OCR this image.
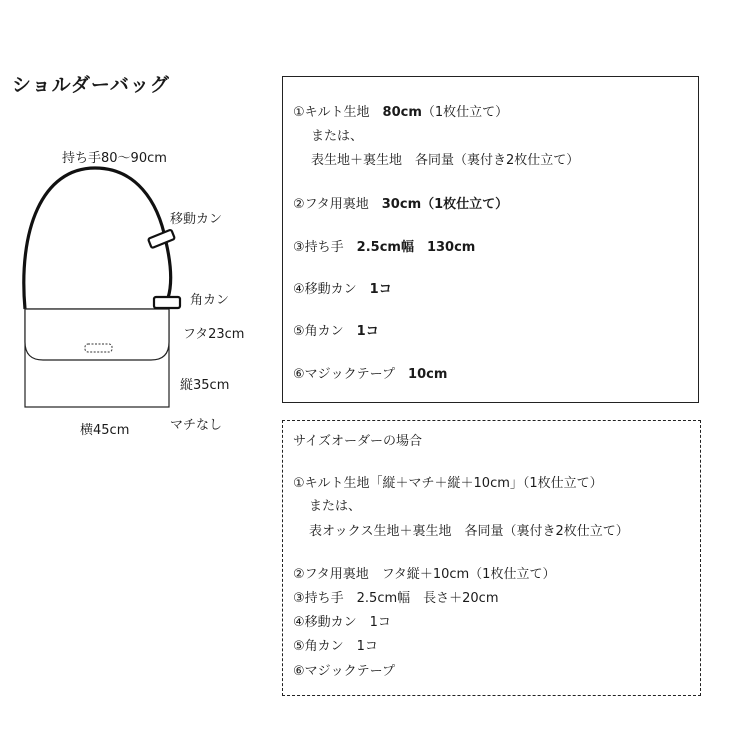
ショルダーバッグ
持ち手80～90cm
移動カン
角カン
フタ23cm
縦35cm
横45cm	マチなし
①キルト生地　 80cm（1枚仕立て）
または、
表生地＋裏生地　各同量（裏付き2枚仕立て）
②フタ用裏地　 30cm（1枚仕立て）
③持ち手　 2.5cm幅　130cm
④移動カン　 1コ
⑤角カン　 1コ
⑥マジックテープ　 10cm
サイズオーダーの場合
①キルト生地「縦＋マチ＋縦＋10cm」（1枚仕立て）
または、
表オックス生地＋裏生地　各同量（裏付き2枚仕立て）
②フタ用裏地　フタ縦＋10cm（1枚仕立て）
③持ち手　2.5cm幅　長さ＋20cm
④移動カン　1コ
⑤角カン　1コ
⑥マジックテープ
